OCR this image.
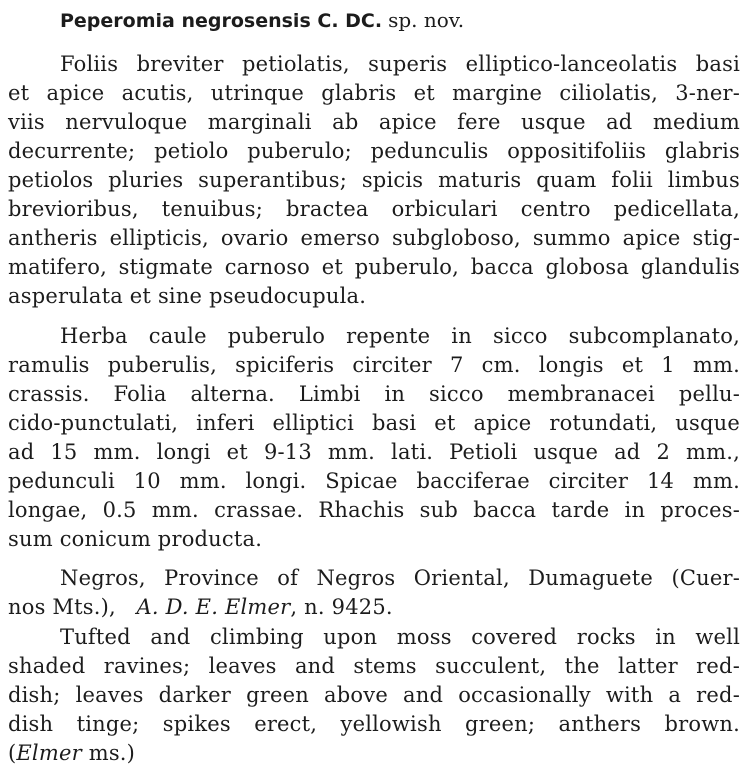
Peperomia negrosensis C. DC. sp. nov.
Foliis breviter petiolatis, superis elliptico-lanceolatis basi
et apice acutis, utrinque glabris et margine ciliolatis, 3-ner-
viis nervuloque marginali ab apice fere usque ad medium
decurrente; petiolo puberulo; pedunculis oppositifoliis glabris
petiolos pluries superantibus; spicis maturis quam folii limbus
brevioribus, tenuibus; bractea orbiculari centro pedicellata,
antheris ellipticis, ovario emerso subgloboso, summo apice stig-
matifero, stigmate carnoso et puberulo, bacca globosa glandulis
asperulata et sine pseudocupula.
Herba caule puberulo repente in sicco subcomplanato,
ramulis puberulis, spiciferis circiter 7 cm. longis et 1 mm.
crassis. Folia alterna. Limbi in sicco membranacei pellu-
cido-punctulati, inferi elliptici basi et apice rotundati, usque
ad 15 mm. longi et 9-13 mm. lati. Petioli usque ad 2 mm.,
pedunculi 10 mm. longi. Spicae bacciferae circiter 14 mm.
longae, 0.5 mm. crassae. Rhachis sub bacca tarde in proces-
sum conicum producta.
Negros, Province of Negros Oriental, Dumaguete (Cuer-
nos Mts.), A. D. E. Elmer, n. 9425.
Tufted and climbing upon moss covered rocks in well
shaded ravines; leaves and stems succulent, the latter red-
dish; leaves darker green above and occasionally with a red-
dish tinge; spikes erect, yellowish green; anthers brown.
(Elmer ms.)
